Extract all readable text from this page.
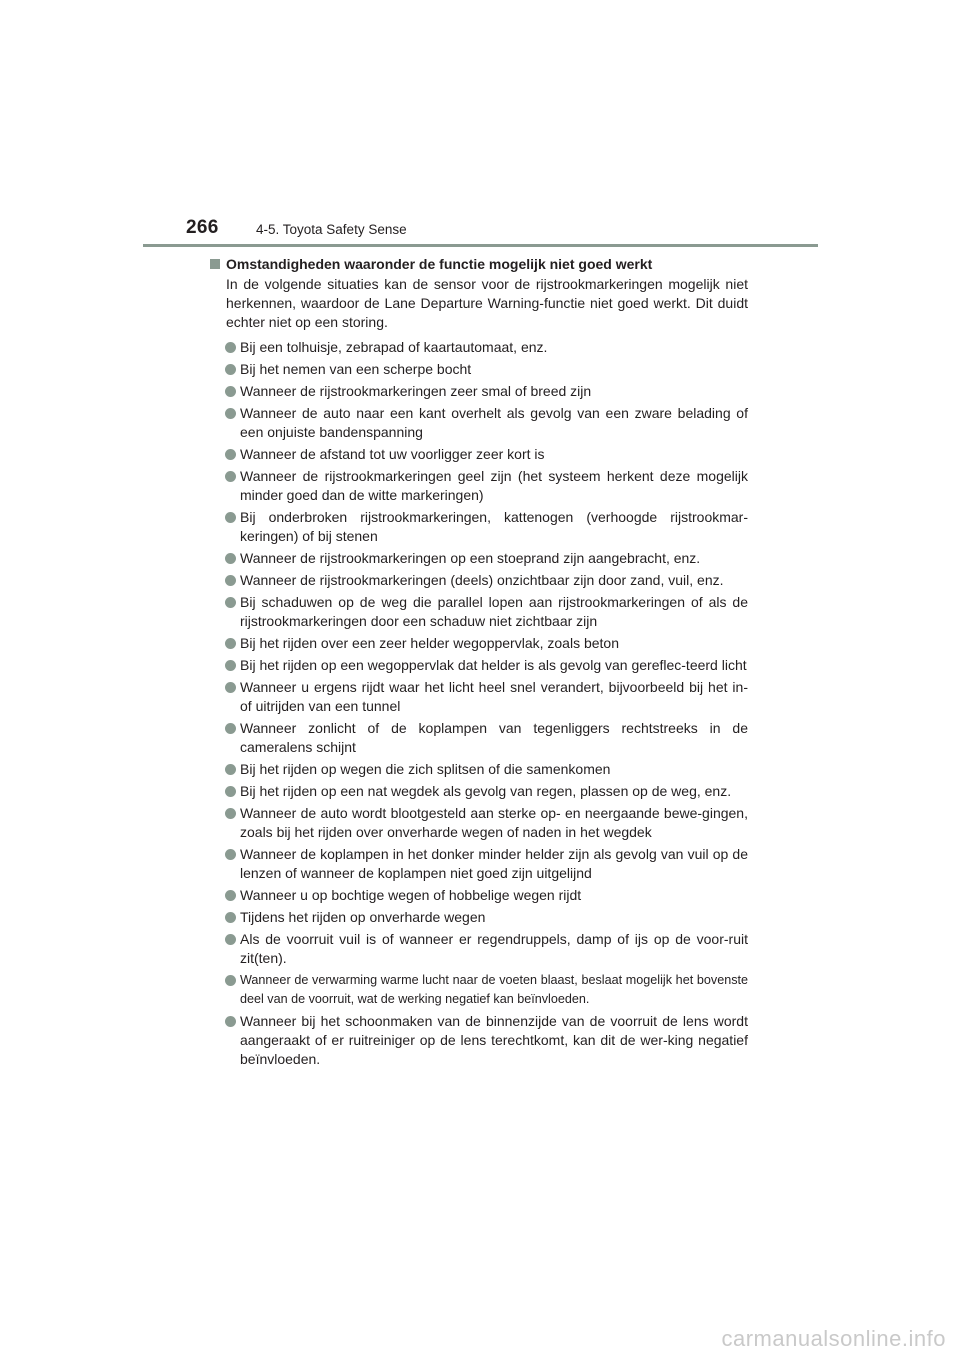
266	4-5. Toyota Safety Sense
Omstandigheden waaronder de functie mogelijk niet goed werkt
In de volgende situaties kan de sensor voor de rijstrookmarkeringen mogelijk niet herkennen, waardoor de Lane Departure Warning-functie niet goed werkt. Dit duidt echter niet op een storing.
Bij een tolhuisje, zebrapad of kaartautomaat, enz.
Bij het nemen van een scherpe bocht
Wanneer de rijstrookmarkeringen zeer smal of breed zijn
Wanneer de auto naar een kant overhelt als gevolg van een zware belading of een onjuiste bandenspanning
Wanneer de afstand tot uw voorligger zeer kort is
Wanneer de rijstrookmarkeringen geel zijn (het systeem herkent deze mogelijk minder goed dan de witte markeringen)
Bij onderbroken rijstrookmarkeringen, kattenogen (verhoogde rijstrookmar-keringen) of bij stenen
Wanneer de rijstrookmarkeringen op een stoeprand zijn aangebracht, enz.
Wanneer de rijstrookmarkeringen (deels) onzichtbaar zijn door zand, vuil, enz.
Bij schaduwen op de weg die parallel lopen aan rijstrookmarkeringen of als de rijstrookmarkeringen door een schaduw niet zichtbaar zijn
Bij het rijden over een zeer helder wegoppervlak, zoals beton
Bij het rijden op een wegoppervlak dat helder is als gevolg van gereflec-teerd licht
Wanneer u ergens rijdt waar het licht heel snel verandert, bijvoorbeeld bij het in- of uitrijden van een tunnel
Wanneer zonlicht of de koplampen van tegenliggers rechtstreeks in de cameralens schijnt
Bij het rijden op wegen die zich splitsen of die samenkomen
Bij het rijden op een nat wegdek als gevolg van regen, plassen op de weg, enz.
Wanneer de auto wordt blootgesteld aan sterke op- en neergaande bewe-gingen, zoals bij het rijden over onverharde wegen of naden in het wegdek
Wanneer de koplampen in het donker minder helder zijn als gevolg van vuil op de lenzen of wanneer de koplampen niet goed zijn uitgelijnd
Wanneer u op bochtige wegen of hobbelige wegen rijdt
Tijdens het rijden op onverharde wegen
Als de voorruit vuil is of wanneer er regendruppels, damp of ijs op de voor-ruit zit(ten).
Wanneer de verwarming warme lucht naar de voeten blaast, beslaat mogelijk het bovenste deel van de voorruit, wat de werking negatief kan beïnvloeden.
Wanneer bij het schoonmaken van de binnenzijde van de voorruit de lens wordt aangeraakt of er ruitreiniger op de lens terechtkomt, kan dit de wer-king negatief beïnvloeden.
carmanualsonline.info
